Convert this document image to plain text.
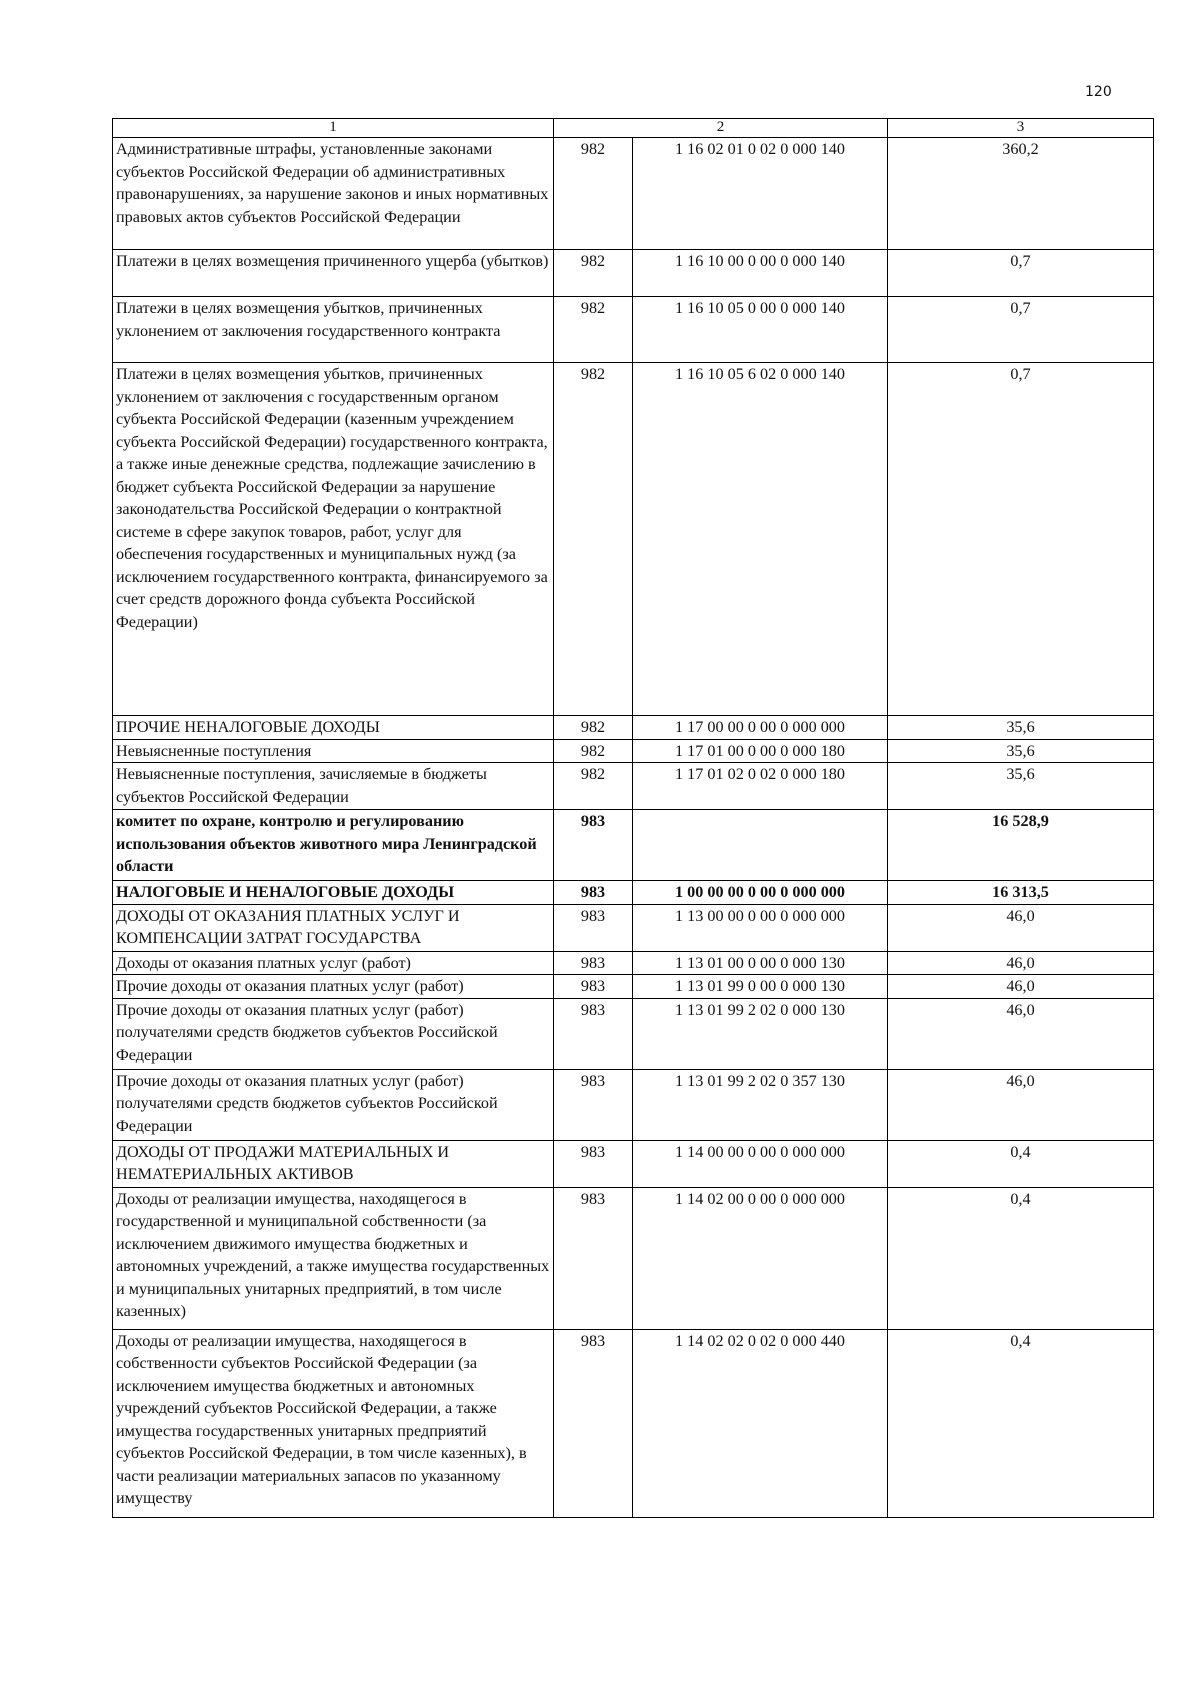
120
1	2		3
Административные штрафы, установленные законами субъектов Российской Федерации об административных правонарушениях, за нарушение законов и иных нормативных правовых актов субъектов Российской Федерации	982	1 16 02 01 0 02 0 000 140	360,2
Платежи в целях возмещения причиненного ущерба (убытков)	982	1 16 10 00 0 00 0 000 140	0,7
Платежи в целях возмещения убытков, причиненных уклонением от заключения государственного контракта	982	1 16 10 05 0 00 0 000 140	0,7
Платежи в целях возмещения убытков, причиненных уклонением от заключения с государственным органом субъекта Российской Федерации (казенным учреждением субъекта Российской Федерации) государственного контракта, а также иные денежные средства, подлежащие зачислению в бюджет субъекта Российской Федерации за нарушение законодательства Российской Федерации о контрактной системе в сфере закупок товаров, работ, услуг для обеспечения государственных и муниципальных нужд (за исключением государственного контракта, финансируемого за счет средств дорожного фонда субъекта Российской Федерации)	982	1 16 10 05 6 02 0 000 140	0,7
ПРОЧИЕ НЕНАЛОГОВЫЕ ДОХОДЫ	982	1 17 00 00 0 00 0 000 000	35,6
Невыясненные поступления	982	1 17 01 00 0 00 0 000 180	35,6
Невыясненные поступления, зачисляемые в бюджеты субъектов Российской Федерации	982	1 17 01 02 0 02 0 000 180	35,6
комитет по охране, контролю и регулированию использования объектов животного мира Ленинградской области	983		16 528,9
НАЛОГОВЫЕ И НЕНАЛОГОВЫЕ ДОХОДЫ	983	1 00 00 00 0 00 0 000 000	16 313,5
ДОХОДЫ ОТ ОКАЗАНИЯ ПЛАТНЫХ УСЛУГ И КОМПЕНСАЦИИ ЗАТРАТ ГОСУДАРСТВА	983	1 13 00 00 0 00 0 000 000	46,0
Доходы от оказания платных услуг (работ)	983	1 13 01 00 0 00 0 000 130	46,0
Прочие доходы от оказания платных услуг (работ)	983	1 13 01 99 0 00 0 000 130	46,0
Прочие доходы от оказания платных услуг (работ) получателями средств бюджетов субъектов Российской Федерации	983	1 13 01 99 2 02 0 000 130	46,0
Прочие доходы от оказания платных услуг (работ) получателями средств бюджетов субъектов Российской Федерации	983	1 13 01 99 2 02 0 357 130	46,0
ДОХОДЫ ОТ ПРОДАЖИ МАТЕРИАЛЬНЫХ И НЕМАТЕРИАЛЬНЫХ АКТИВОВ	983	1 14 00 00 0 00 0 000 000	0,4
Доходы от реализации имущества, находящегося в государственной и муниципальной собственности (за исключением движимого имущества бюджетных и автономных учреждений, а также имущества государственных и муниципальных унитарных предприятий, в том числе казенных)	983	1 14 02 00 0 00 0 000 000	0,4
Доходы от реализации имущества, находящегося в собственности субъектов Российской Федерации (за исключением имущества бюджетных и автономных учреждений субъектов Российской Федерации, а также имущества государственных унитарных предприятий субъектов Российской Федерации, в том числе казенных), в части реализации материальных запасов по указанному имуществу	983	1 14 02 02 0 02 0 000 440	0,4
